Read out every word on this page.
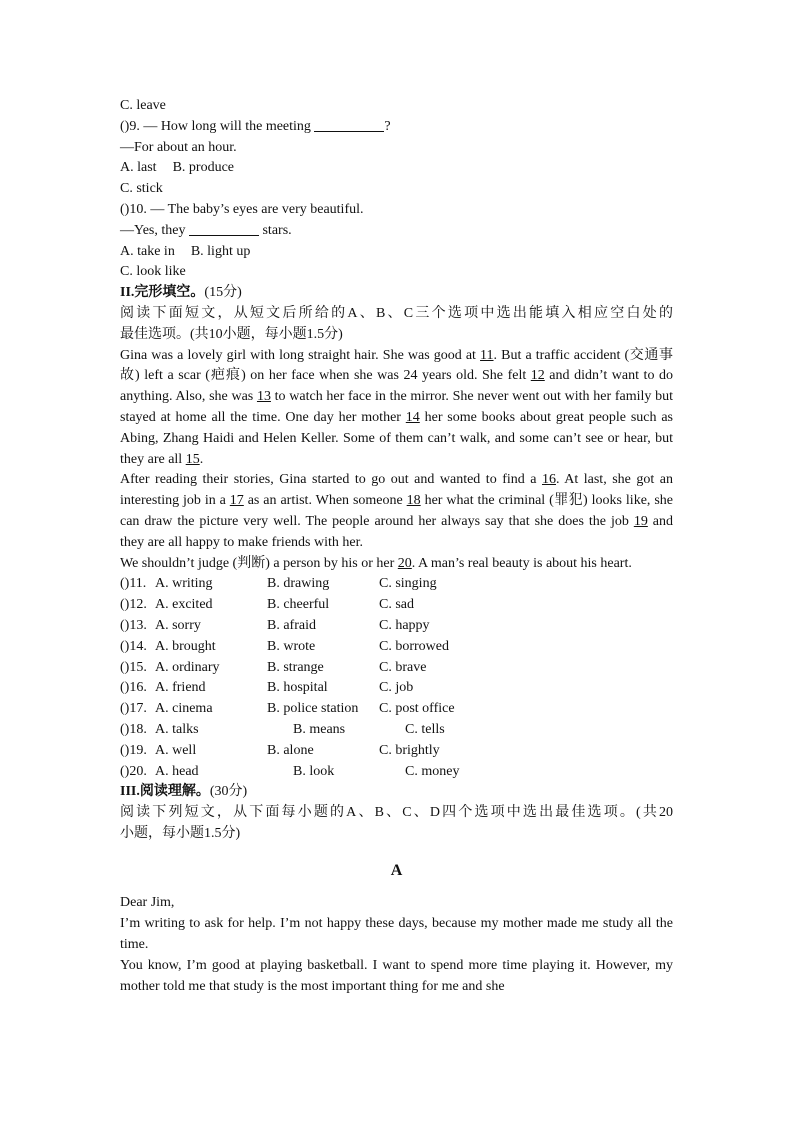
C. leave
()9. — How long will the meeting	?
—For about an hour.
A. last B. produce
C. stick
()10. — The baby’s eyes are very beautiful.
—Yes, they	stars.
A. take in B. light up
C. look like
II.完形填空。(15分)
阅读下面短文，从短文后所给的A、B、C三个选项中选出能填入相应空白处的
最佳选项。(共10小题，每小题1.5分)
Gina was a lovely girl with long straight hair. She was good at 11. But a traffic accident (交通事故) left a scar (疤痕) on her face when she was 24 years old. She felt 12 and didn’t want to do anything. Also, she was 13 to watch her face in the mirror. She never went out with her family but stayed at home all the time. One day her mother 14 her some books about great people such as Abing, Zhang Haidi and Helen Keller. Some of them can’t walk, and some can’t see or hear, but they are all 15.
After reading their stories, Gina started to go out and wanted to find a 16. At last, she got an interesting job in a 17 as an artist. When someone 18 her what the criminal (罪犯) looks like, she can draw the picture very well. The people around her always say that she does the job 19 and they are all happy to make friends with her.
We shouldn’t judge (判断) a person by his or her 20. A man’s real beauty is about his heart.
()11. A. writing	B. drawing	C. singing
()12. A. excited	B. cheerful	C. sad
()13. A. sorry	B. afraid	C. happy
()14. A. brought	B. wrote	C. borrowed
()15. A. ordinary	B. strange	C. brave
()16. A. friend	B. hospital	C. job
()17. A. cinema	B. police station	C. post office
()18. A. talks	B. means	C. tells
()19. A. well	B. alone	C. brightly
()20. A. head	B. look	C. money
III.阅读理解。(30分)
阅读下列短文，从下面每小题的A、B、C、D四个选项中选出最佳选项。(共20
小题，每小题1.5分)
A
Dear Jim,
I’m writing to ask for help. I’m not happy these days, because my mother made me study all the time.
You know, I’m good at playing basketball. I want to spend more time playing it. However, my mother told me that study is the most important thing for me and she
